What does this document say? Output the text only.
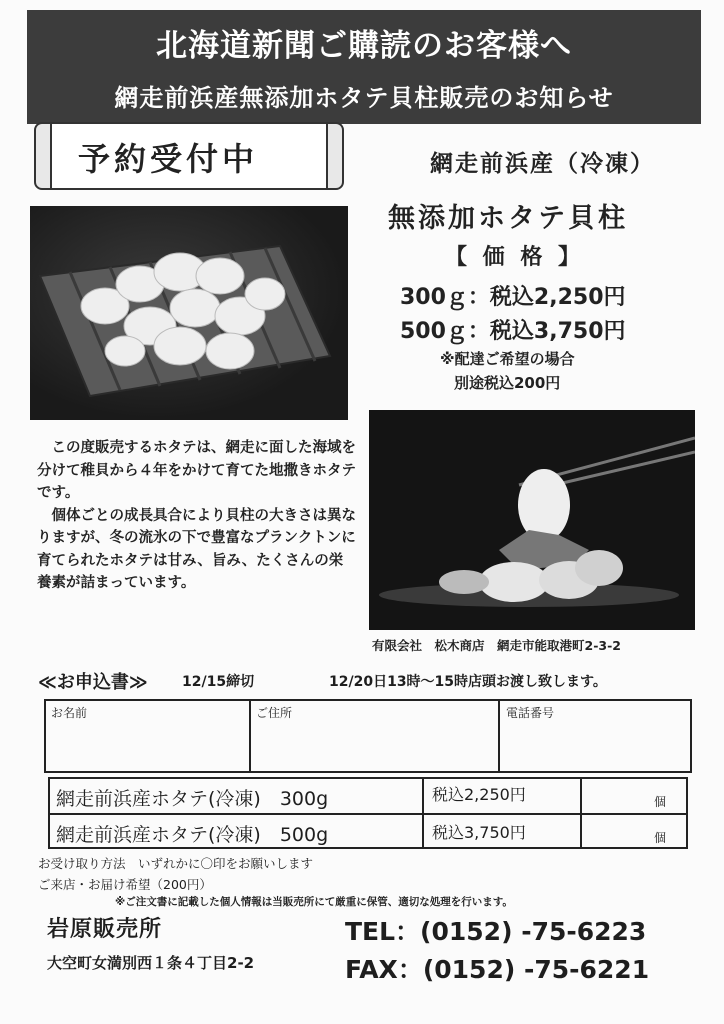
北海道新聞ご購読のお客様へ
網走前浜産無添加ホタテ貝柱販売のお知らせ
予約受付中	網走前浜産（冷凍）
無添加ホタテ貝柱
【 価 格 】
300ｇ：税込2,250円
500ｇ：税込3,750円
※配達ご希望の場合
別途税込200円
この度販売するホタテは、網走に面した海域を分けて稚貝から４年をかけて育てた地撒きホタテです。
個体ごとの成長具合により貝柱の大きさは異なりますが、冬の流氷の下で豊富なプランクトンに育てられたホタテは甘み、旨み、たくさんの栄養素が詰まっています。
有限会社　松木商店　網走市能取港町2-3-2
≪お申込書≫ 12/15締切	12/20日13時～15時店頭お渡し致します。
お名前	ご住所	電話番号
網走前浜産ホタテ(冷凍)　300g	税込2,250円	個
網走前浜産ホタテ(冷凍)　500g	税込3,750円	個
お受け取り方法　いずれかに〇印をお願いします
ご来店・お届け希望（200円）
※ご注文書に記載した個人情報は当販売所にて厳重に保管、適切な処理を行います。
岩原販売所
大空町女満別西１条４丁目2-2
TEL：(0152) -75-6223
FAX：(0152) -75-6221
